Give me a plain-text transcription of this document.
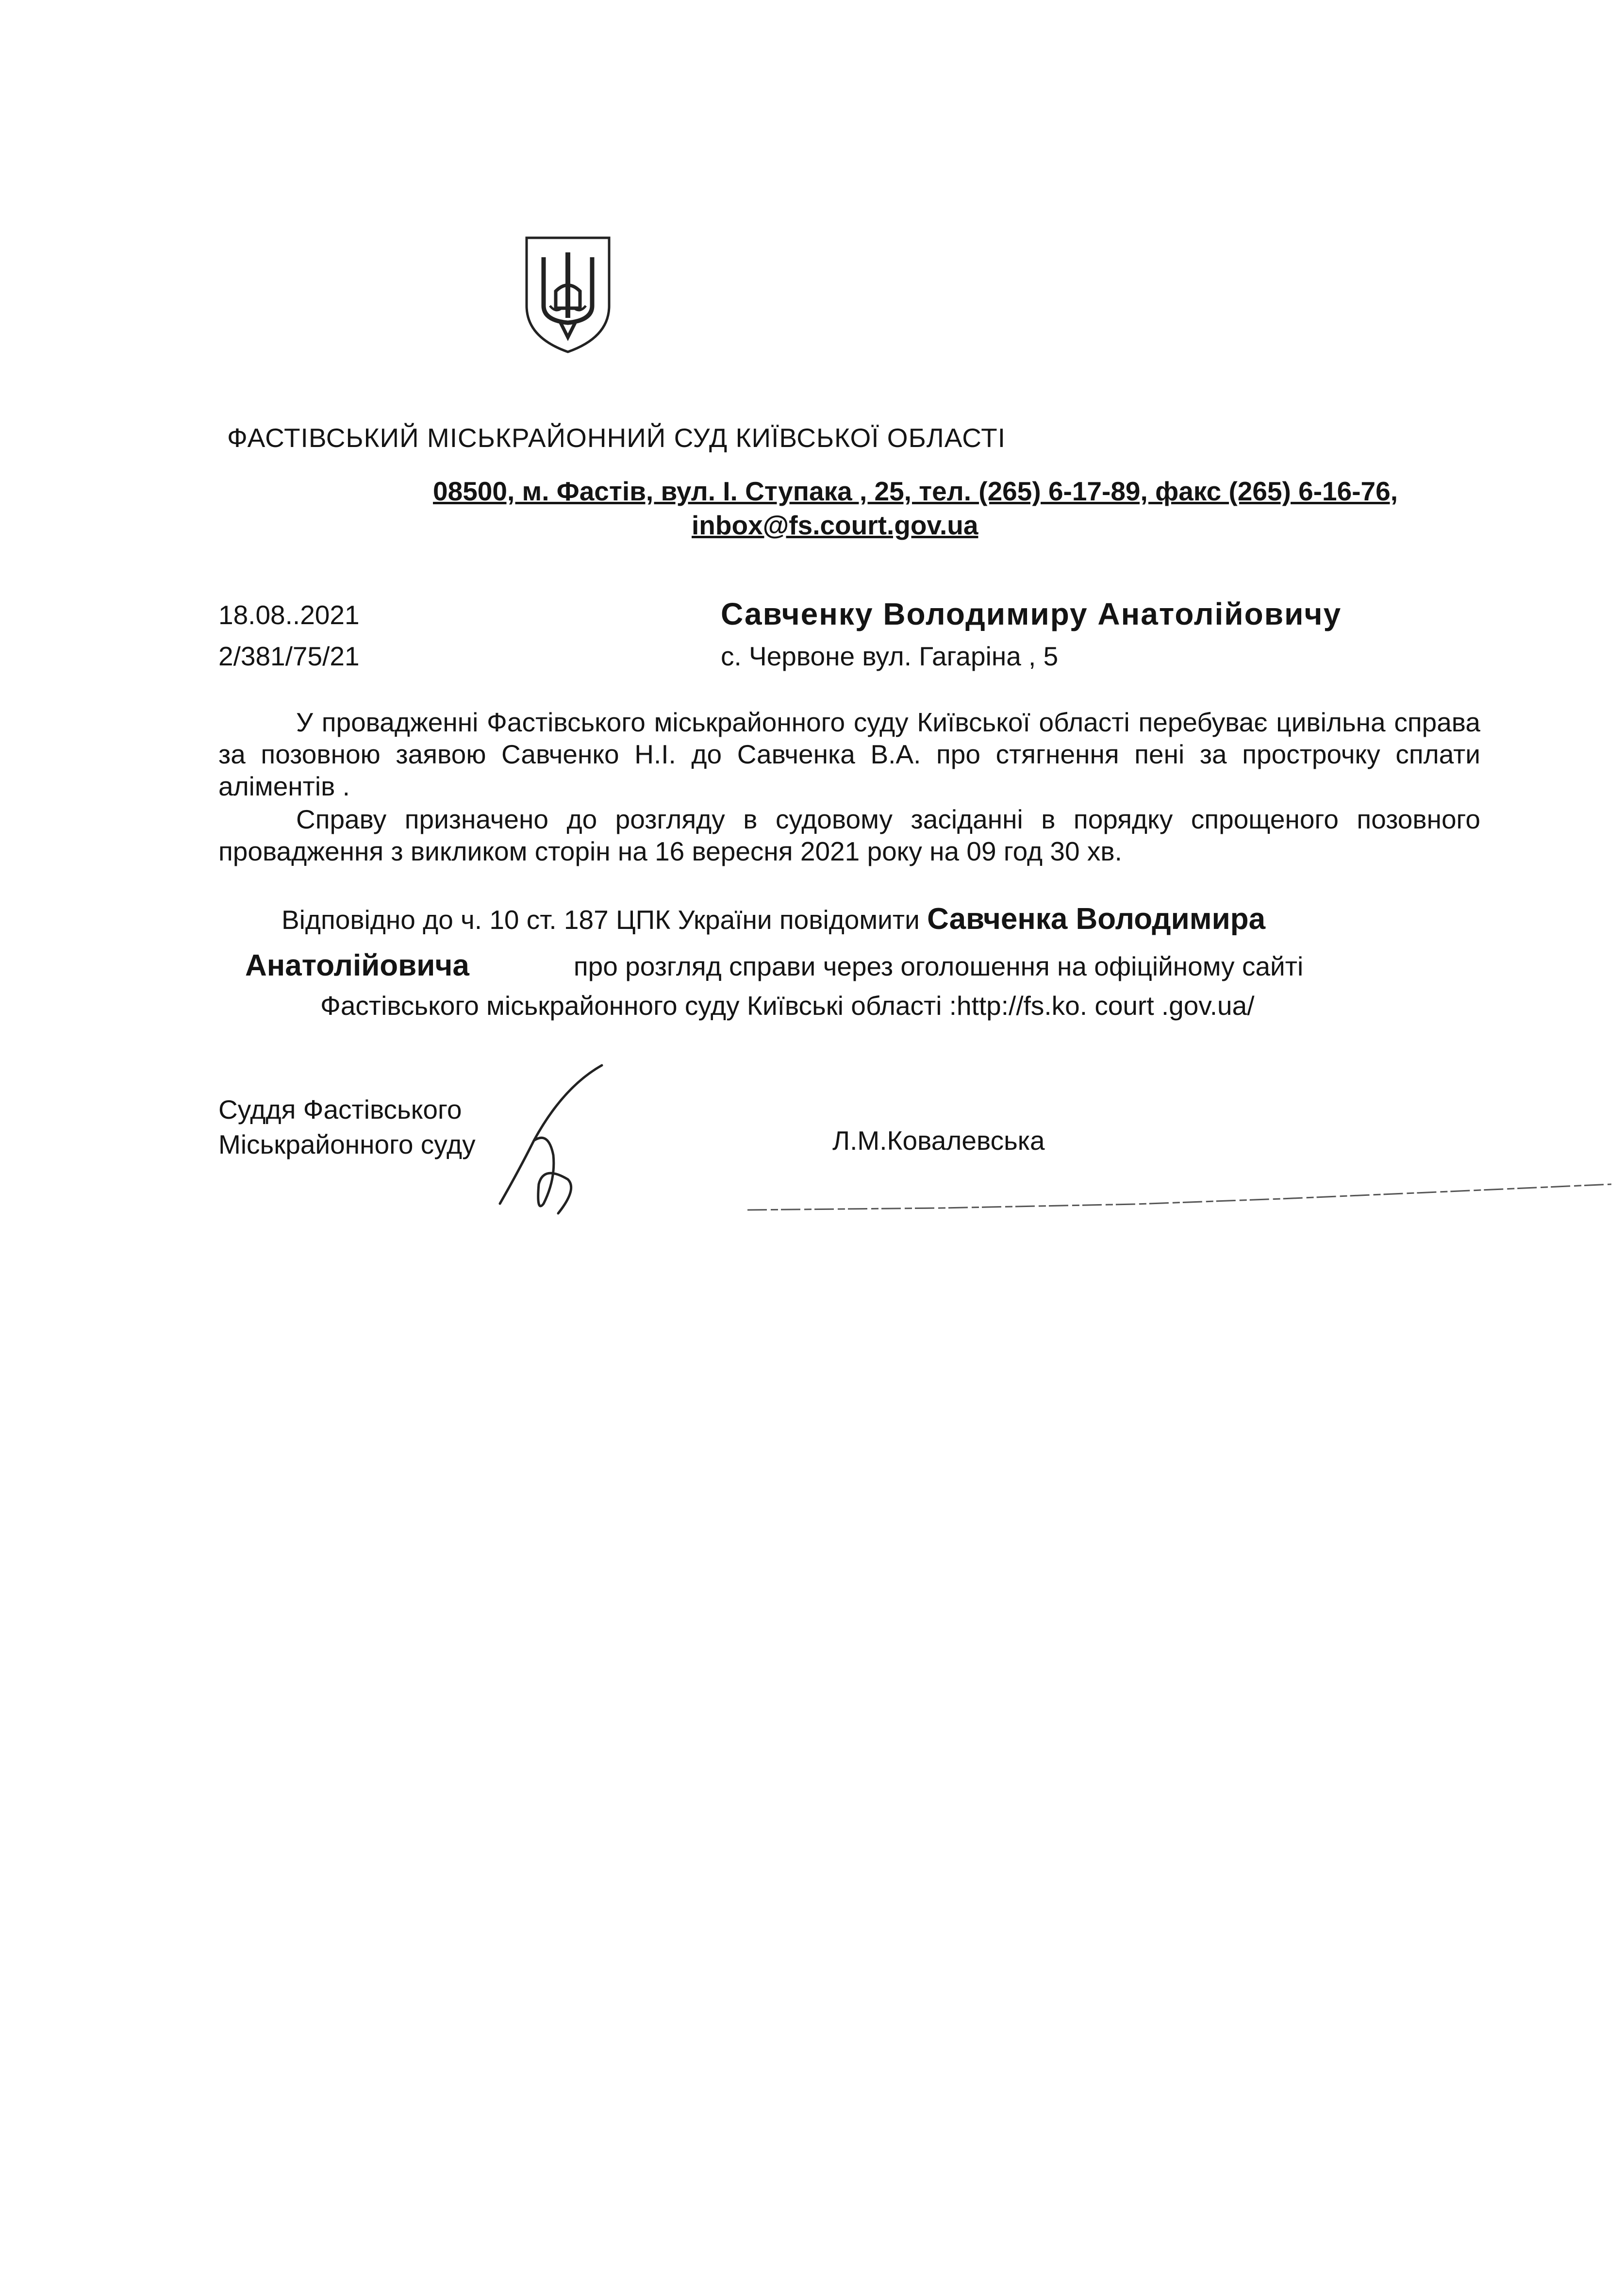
ФАСТІВСЬКИЙ МІСЬКРАЙОННИЙ СУД КИЇВСЬКОЇ ОБЛАСТІ
08500, м. Фастів, вул. І. Ступака , 25, тел. (265) 6-17-89, факс (265) 6-16-76,
inbox@fs.court.gov.ua
18.08..2021
2/381/75/21
Савченку Володимиру Анатолійовичу
с. Червоне вул. Гагаріна , 5
У провадженні Фастівського міськрайонного суду Київської області перебуває цивільна справа за позовною заявою Савченко Н.І. до Савченка В.А. про стягнення пені за прострочку сплати аліментів .
Справу призначено до розгляду в судовому засіданні в порядку спрощеного позовного провадження з викликом сторін на 16 вересня 2021 року на 09 год 30 хв.
Відповідно до ч. 10 ст. 187 ЦПК України повідомити Савченка Володимира
Анатолійовича	про розгляд справи через оголошення на офіційному сайті
Фастівського міськрайонного суду Київські області :http://fs.ko. court .gov.ua/
Суддя Фастівського
Міськрайонного суду	Л.М.Ковалевська
